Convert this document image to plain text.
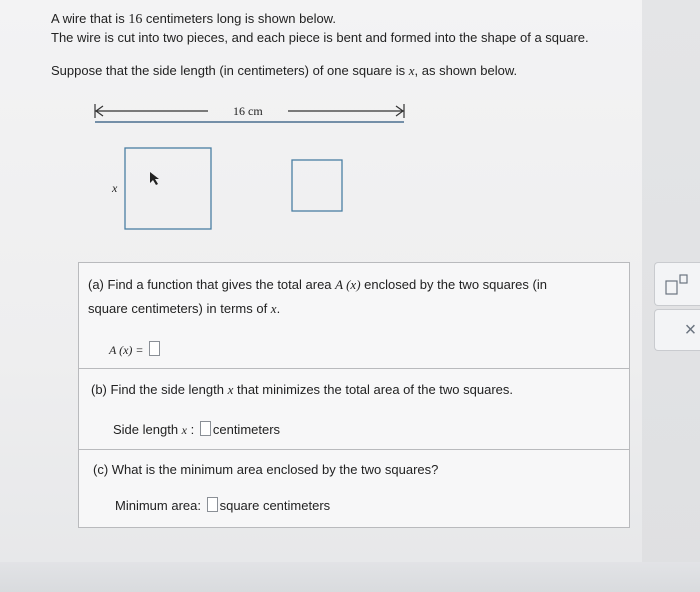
A wire that is 16 centimeters long is shown below.
The wire is cut into two pieces, and each piece is bent and formed into the shape of a square.
Suppose that the side length (in centimeters) of one square is x, as shown below.
16 cm
x
(a) Find a function that gives the total area A (x) enclosed by the two squares (in
square centimeters) in terms of x.
A (x) =
(b) Find the side length x that minimizes the total area of the two squares.
Side length x : centimeters
(c) What is the minimum area enclosed by the two squares?
Minimum area: square centimeters
×
